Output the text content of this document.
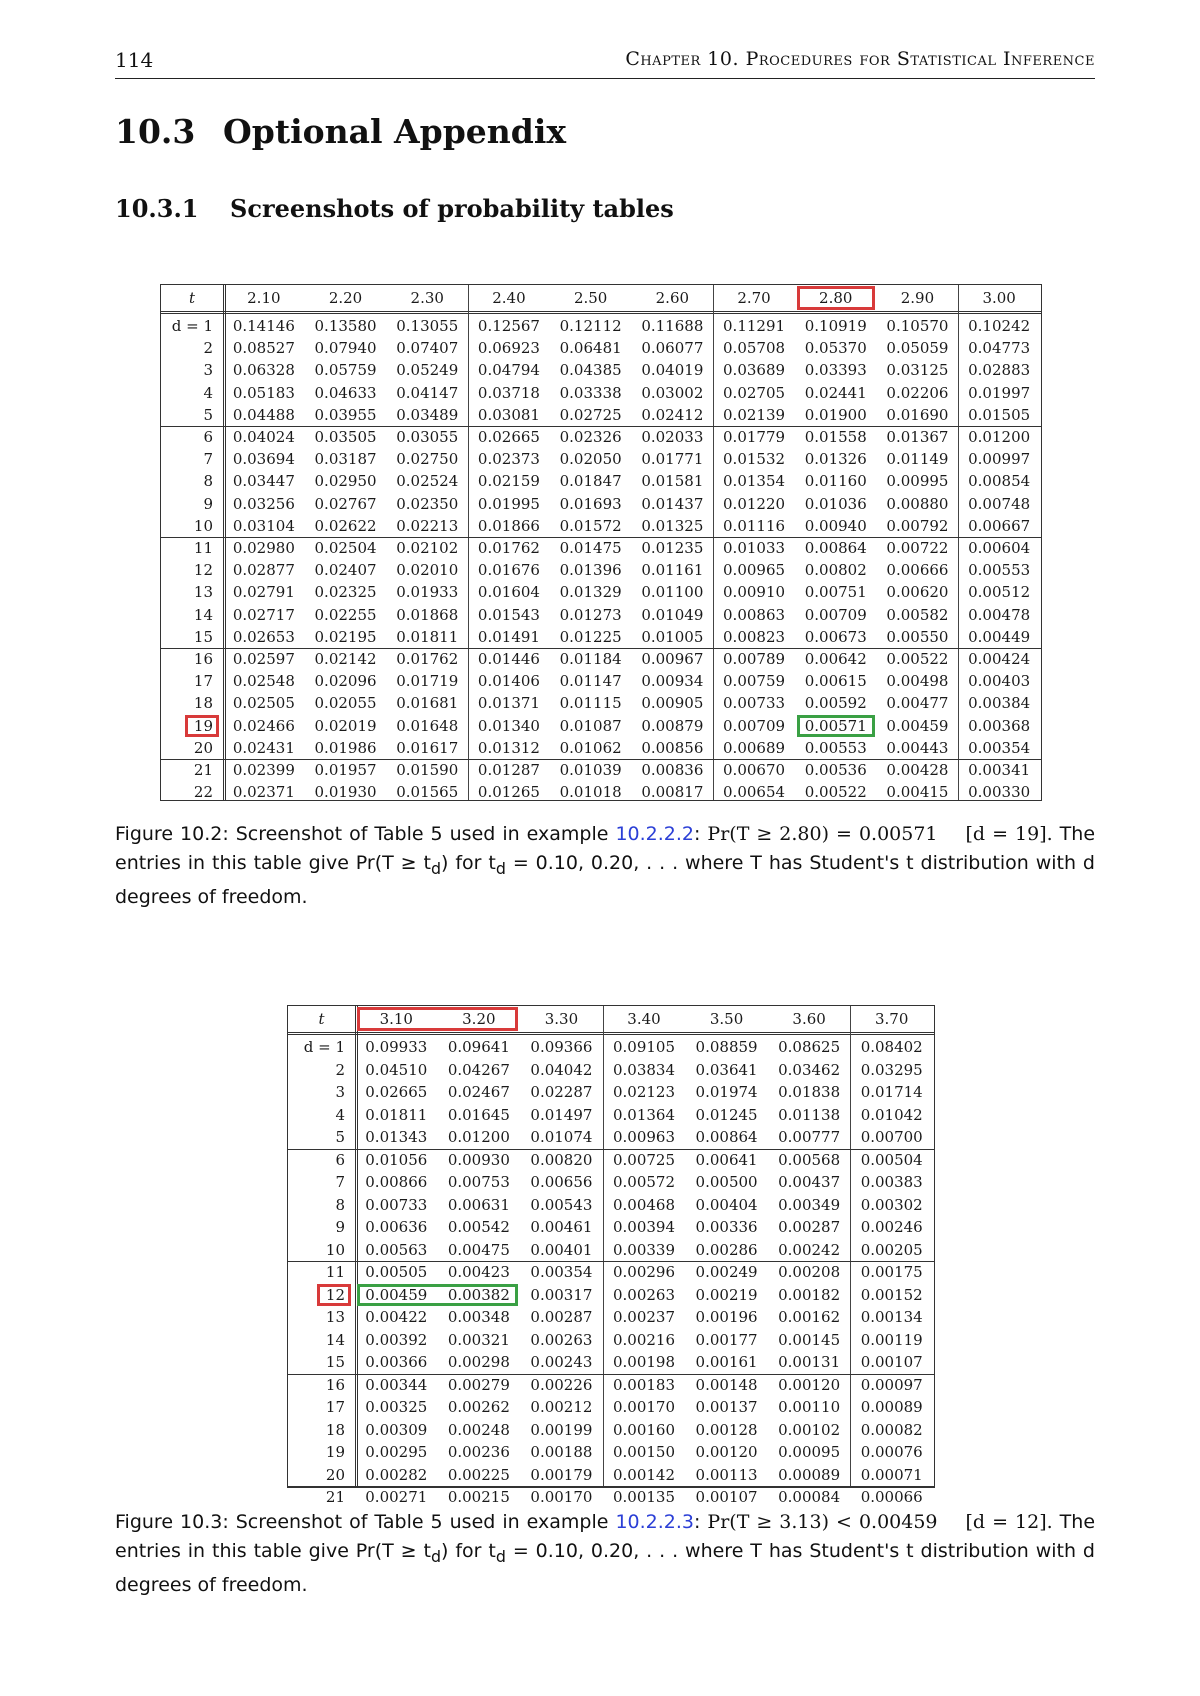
114	Chapter 10. Procedures for Statistical Inference
10.3 Optional Appendix
10.3.1 Screenshots of probability tables
t	2.10	2.20	2.30	2.40	2.50	2.60	2.70	2.80	2.90	3.00
d = 1	0.14146	0.13580	0.13055	0.12567	0.12112	0.11688	0.11291	0.10919	0.10570	0.10242
2	0.08527	0.07940	0.07407	0.06923	0.06481	0.06077	0.05708	0.05370	0.05059	0.04773
3	0.06328	0.05759	0.05249	0.04794	0.04385	0.04019	0.03689	0.03393	0.03125	0.02883
4	0.05183	0.04633	0.04147	0.03718	0.03338	0.03002	0.02705	0.02441	0.02206	0.01997
5	0.04488	0.03955	0.03489	0.03081	0.02725	0.02412	0.02139	0.01900	0.01690	0.01505
6	0.04024	0.03505	0.03055	0.02665	0.02326	0.02033	0.01779	0.01558	0.01367	0.01200
7	0.03694	0.03187	0.02750	0.02373	0.02050	0.01771	0.01532	0.01326	0.01149	0.00997
8	0.03447	0.02950	0.02524	0.02159	0.01847	0.01581	0.01354	0.01160	0.00995	0.00854
9	0.03256	0.02767	0.02350	0.01995	0.01693	0.01437	0.01220	0.01036	0.00880	0.00748
10	0.03104	0.02622	0.02213	0.01866	0.01572	0.01325	0.01116	0.00940	0.00792	0.00667
11	0.02980	0.02504	0.02102	0.01762	0.01475	0.01235	0.01033	0.00864	0.00722	0.00604
12	0.02877	0.02407	0.02010	0.01676	0.01396	0.01161	0.00965	0.00802	0.00666	0.00553
13	0.02791	0.02325	0.01933	0.01604	0.01329	0.01100	0.00910	0.00751	0.00620	0.00512
14	0.02717	0.02255	0.01868	0.01543	0.01273	0.01049	0.00863	0.00709	0.00582	0.00478
15	0.02653	0.02195	0.01811	0.01491	0.01225	0.01005	0.00823	0.00673	0.00550	0.00449
16	0.02597	0.02142	0.01762	0.01446	0.01184	0.00967	0.00789	0.00642	0.00522	0.00424
17	0.02548	0.02096	0.01719	0.01406	0.01147	0.00934	0.00759	0.00615	0.00498	0.00403
18	0.02505	0.02055	0.01681	0.01371	0.01115	0.00905	0.00733	0.00592	0.00477	0.00384
19	0.02466	0.02019	0.01648	0.01340	0.01087	0.00879	0.00709	0.00571	0.00459	0.00368
20	0.02431	0.01986	0.01617	0.01312	0.01062	0.00856	0.00689	0.00553	0.00443	0.00354
21	0.02399	0.01957	0.01590	0.01287	0.01039	0.00836	0.00670	0.00536	0.00428	0.00341
22	0.02371	0.01930	0.01565	0.01265	0.01018	0.00817	0.00654	0.00522	0.00415	0.00330
Figure 10.2: Screenshot of Table 5 used in example 10.2.2.2: Pr(T ≥ 2.80) = 0.00571 [d = 19]. The entries in this table give $Pr(T \ge t_d)$ for $t_d = 0.10$, 0.20, . . . where T has Student's t distribution with d degrees of freedom.
t	3.10	3.20	3.30	3.40	3.50	3.60	3.70
d = 1	0.09933	0.09641	0.09366	0.09105	0.08859	0.08625	0.08402
2	0.04510	0.04267	0.04042	0.03834	0.03641	0.03462	0.03295
3	0.02665	0.02467	0.02287	0.02123	0.01974	0.01838	0.01714
4	0.01811	0.01645	0.01497	0.01364	0.01245	0.01138	0.01042
5	0.01343	0.01200	0.01074	0.00963	0.00864	0.00777	0.00700
6	0.01056	0.00930	0.00820	0.00725	0.00641	0.00568	0.00504
7	0.00866	0.00753	0.00656	0.00572	0.00500	0.00437	0.00383
8	0.00733	0.00631	0.00543	0.00468	0.00404	0.00349	0.00302
9	0.00636	0.00542	0.00461	0.00394	0.00336	0.00287	0.00246
10	0.00563	0.00475	0.00401	0.00339	0.00286	0.00242	0.00205
11	0.00505	0.00423	0.00354	0.00296	0.00249	0.00208	0.00175
12	0.00459	0.00382	0.00317	0.00263	0.00219	0.00182	0.00152
13	0.00422	0.00348	0.00287	0.00237	0.00196	0.00162	0.00134
14	0.00392	0.00321	0.00263	0.00216	0.00177	0.00145	0.00119
15	0.00366	0.00298	0.00243	0.00198	0.00161	0.00131	0.00107
16	0.00344	0.00279	0.00226	0.00183	0.00148	0.00120	0.00097
17	0.00325	0.00262	0.00212	0.00170	0.00137	0.00110	0.00089
18	0.00309	0.00248	0.00199	0.00160	0.00128	0.00102	0.00082
19	0.00295	0.00236	0.00188	0.00150	0.00120	0.00095	0.00076
20	0.00282	0.00225	0.00179	0.00142	0.00113	0.00089	0.00071
21	0.00271	0.00215	0.00170	0.00135	0.00107	0.00084	0.00066
Figure 10.3: Screenshot of Table 5 used in example 10.2.2.3: Pr(T ≥ 3.13) < 0.00459 [d = 12]. The entries in this table give $Pr(T \ge t_d)$ for $t_d = 0.10$, 0.20, . . . where T has Student's t distribution with d degrees of freedom.
